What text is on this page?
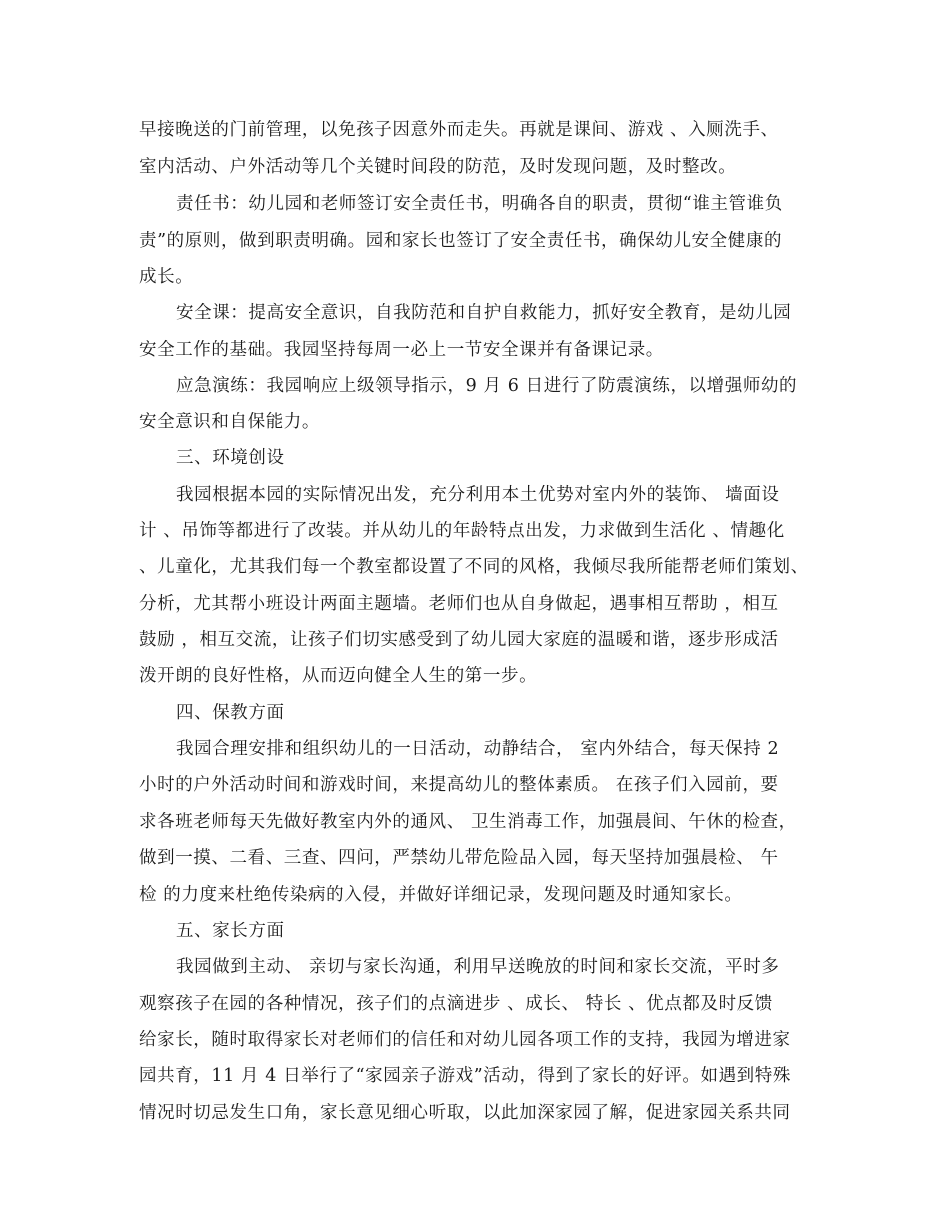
早接晚送的门前管理，以免孩子因意外而走失。再就是课间、游戏 、入厕洗手、
室内活动、户外活动等几个关键时间段的防范，及时发现问题，及时整改。
责任书：幼儿园和老师签订安全责任书，明确各自的职责，贯彻“谁主管谁负
责”的原则，做到职责明确。园和家长也签订了安全责任书，确保幼儿安全健康的
成长。
安全课：提高安全意识，自我防范和自护自救能力，抓好安全教育，是幼儿园
安全工作的基础。我园坚持每周一必上一节安全课并有备课记录。
应急演练：我园响应上级领导指示，9 月 6 日进行了防震演练，以增强师幼的
安全意识和自保能力。
三、环境创设
我园根据本园的实际情况出发，充分利用本土优势对室内外的装饰、 墙面设
计 、吊饰等都进行了改装。并从幼儿的年龄特点出发，力求做到生活化 、情趣化
、儿童化，尤其我们每一个教室都设置了不同的风格，我倾尽我所能帮老师们策划、
分析，尤其帮小班设计两面主题墙。老师们也从自身做起，遇事相互帮助 ，相互
鼓励 ，相互交流，让孩子们切实感受到了幼儿园大家庭的温暖和谐，逐步形成活
泼开朗的良好性格，从而迈向健全人生的第一步。
四、保教方面
我园合理安排和组织幼儿的一日活动，动静结合， 室内外结合，每天保持 2
小时的户外活动时间和游戏时间，来提高幼儿的整体素质。 在孩子们入园前，要
求各班老师每天先做好教室内外的通风、 卫生消毒工作，加强晨间、午休的检查，
做到一摸、二看、三查、四问，严禁幼儿带危险品入园，每天坚持加强晨检、 午
检 的力度来杜绝传染病的入侵，并做好详细记录，发现问题及时通知家长。
五、家长方面
我园做到主动、 亲切与家长沟通，利用早送晚放的时间和家长交流，平时多
观察孩子在园的各种情况，孩子们的点滴进步 、成长、 特长 、优点都及时反馈
给家长，随时取得家长对老师们的信任和对幼儿园各项工作的支持，我园为增进家
园共育，11 月 4 日举行了“家园亲子游戏”活动，得到了家长的好评。如遇到特殊
情况时切忌发生口角，家长意见细心听取，以此加深家园了解，促进家园关系共同
